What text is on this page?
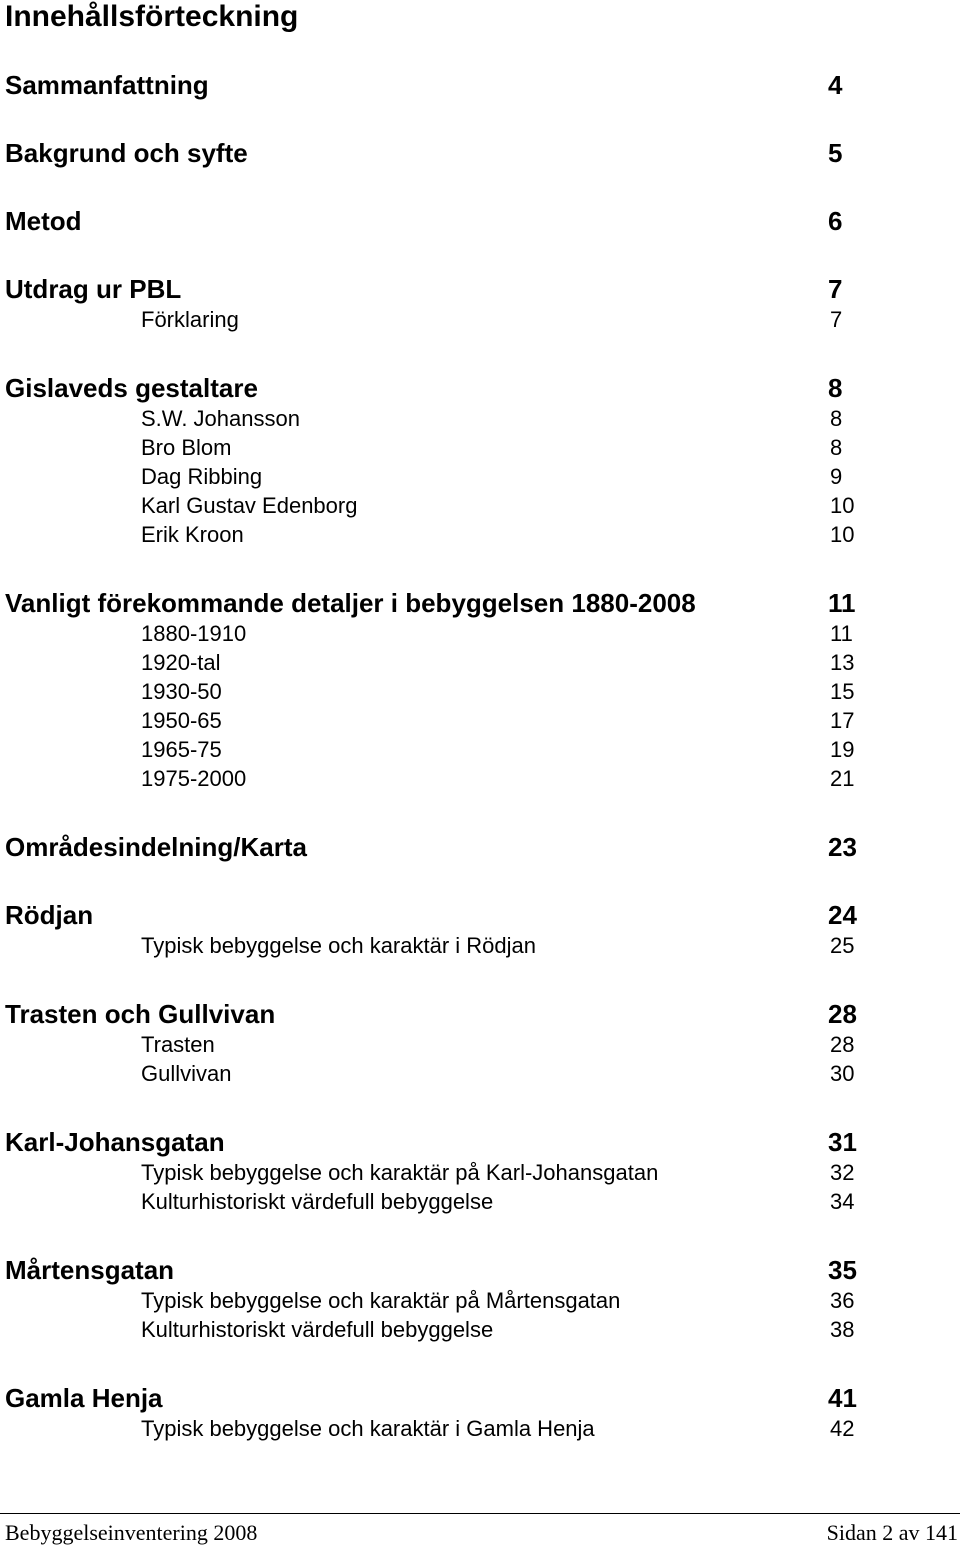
Innehållsförteckning
Sammanfattning	4
Bakgrund och syfte	5
Metod	6
Utdrag ur PBL	7
Förklaring	7
Gislaveds gestaltare	8
S.W. Johansson	8
Bro Blom	8
Dag Ribbing	9
Karl Gustav Edenborg	10
Erik Kroon	10
Vanligt förekommande detaljer i bebyggelsen 1880-2008	11
1880-1910	11
1920-tal	13
1930-50	15
1950-65	17
1965-75	19
1975-2000	21
Områdesindelning/Karta	23
Rödjan	24
Typisk bebyggelse och karaktär i Rödjan	25
Trasten och Gullvivan	28
Trasten	28
Gullvivan	30
Karl-Johansgatan	31
Typisk bebyggelse och karaktär på Karl-Johansgatan	32
Kulturhistoriskt värdefull bebyggelse	34
Mårtensgatan	35
Typisk bebyggelse och karaktär på Mårtensgatan	36
Kulturhistoriskt värdefull bebyggelse	38
Gamla Henja	41
Typisk bebyggelse och karaktär i Gamla Henja	42
Bebyggelseinventering 2008	Sidan 2 av 141
